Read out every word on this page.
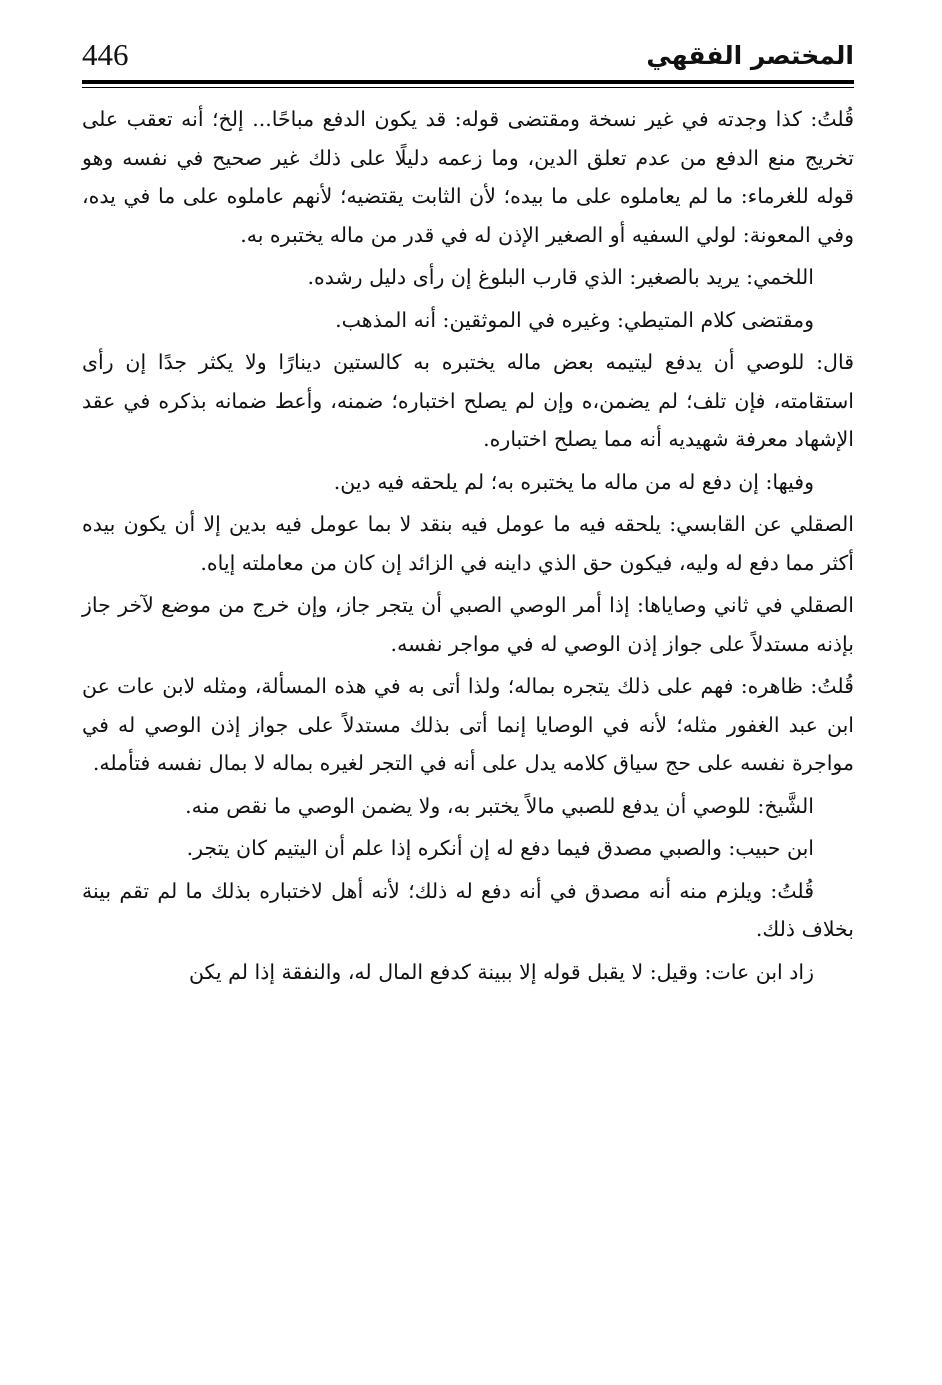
446	المختصر الفقهي

قُلتُ: كذا وجدته في غير نسخة ومقتضى قوله: قد يكون الدفع مباحًا... إلخ؛ أنه تعقب على تخريج منع الدفع من عدم تعلق الدين، وما زعمه دليلًا على ذلك غير صحيح في نفسه وهو قوله للغرماء: ما لم يعاملوه على ما بيده؛ لأن الثابت يقتضيه؛ لأنهم عاملوه على ما في يده، وفي المعونة: لولي السفيه أو الصغير الإذن له في قدر من ماله يختبره به.

اللخمي: يريد بالصغير: الذي قارب البلوغ إن رأى دليل رشده.

ومقتضى كلام المتيطي: وغيره في الموثقين: أنه المذهب.

قال: للوصي أن يدفع ليتيمه بعض ماله يختبره به كالستين دينارًا ولا يكثر جدًا إن رأى استقامته، فإن تلف؛ لم يضمن،ه وإن لم يصلح اختباره؛ ضمنه، وأعط ضمانه بذكره في عقد الإشهاد معرفة شهيديه أنه مما يصلح اختباره.

وفيها: إن دفع له من ماله ما يختبره به؛ لم يلحقه فيه دين.

الصقلي عن القابسي: يلحقه فيه ما عومل فيه بنقد لا بما عومل فيه بدين إلا أن يكون بيده أكثر مما دفع له وليه، فيكون حق الذي داينه في الزائد إن كان من معاملته إياه.

الصقلي في ثاني وصاياها: إذا أمر الوصي الصبي أن يتجر جاز، وإن خرج من موضع لآخر جاز بإذنه مستدلاً على جواز إذن الوصي له في مواجر نفسه.

قُلتُ: ظاهره: فهم على ذلك يتجره بماله؛ ولذا أتى به في هذه المسألة، ومثله لابن عات عن ابن عبد الغفور مثله؛ لأنه في الوصايا إنما أتى بذلك مستدلاً على جواز إذن الوصي له في مواجرة نفسه على حج سياق كلامه يدل على أنه في التجر لغيره بماله لا بمال نفسه فتأمله.

الشَّيخ: للوصي أن يدفع للصبي مالاً يختبر به، ولا يضمن الوصي ما نقص منه.

ابن حبيب: والصبي مصدق فيما دفع له إن أنكره إذا علم أن اليتيم كان يتجر.

قُلتُ: ويلزم منه أنه مصدق في أنه دفع له ذلك؛ لأنه أهل لاختباره بذلك ما لم تقم بينة بخلاف ذلك.

زاد ابن عات: وقيل: لا يقبل قوله إلا ببينة كدفع المال له، والنفقة إذا لم يكن
